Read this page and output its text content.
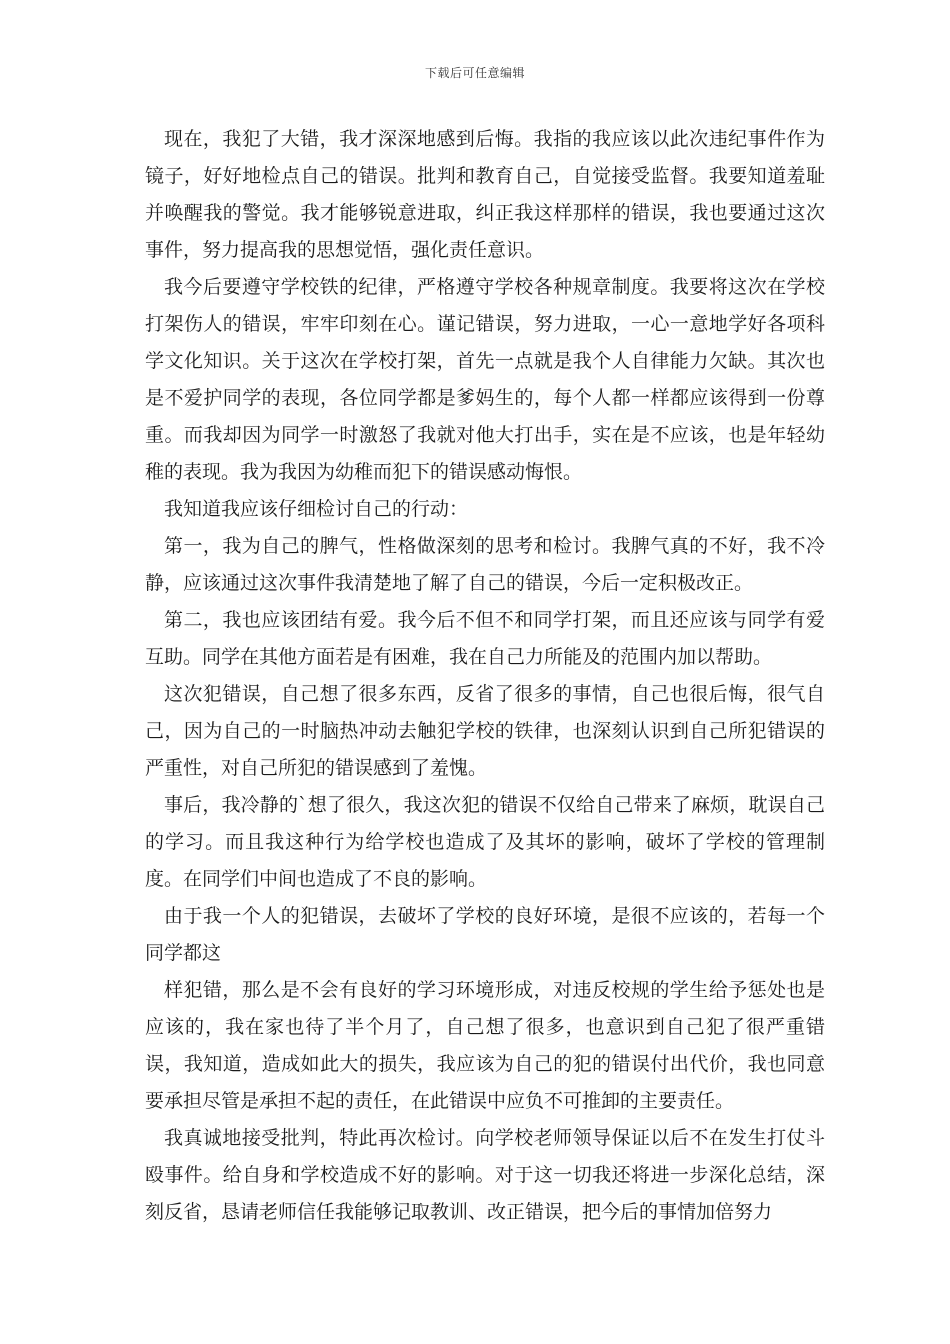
下载后可任意编辑

现在，我犯了大错，我才深深地感到后悔。我指的我应该以此次违纪事件作为镜子，好好地检点自己的错误。批判和教育自己，自觉接受监督。我要知道羞耻并唤醒我的警觉。我才能够锐意进取，纠正我这样那样的错误，我也要通过这次事件，努力提高我的思想觉悟，强化责任意识。

我今后要遵守学校铁的纪律，严格遵守学校各种规章制度。我要将这次在学校打架伤人的错误，牢牢印刻在心。谨记错误，努力进取，一心一意地学好各项科学文化知识。关于这次在学校打架，首先一点就是我个人自律能力欠缺。其次也是不爱护同学的表现，各位同学都是爹妈生的，每个人都一样都应该得到一份尊重。而我却因为同学一时激怒了我就对他大打出手，实在是不应该，也是年轻幼稚的表现。我为我因为幼稚而犯下的错误感动悔恨。

我知道我应该仔细检讨自己的行动：

第一，我为自己的脾气，性格做深刻的思考和检讨。我脾气真的不好，我不冷静，应该通过这次事件我清楚地了解了自己的错误，今后一定积极改正。

第二，我也应该团结有爱。我今后不但不和同学打架，而且还应该与同学有爱互助。同学在其他方面若是有困难，我在自己力所能及的范围内加以帮助。

这次犯错误，自己想了很多东西，反省了很多的事情，自己也很后悔，很气自己，因为自己的一时脑热冲动去触犯学校的铁律，也深刻认识到自己所犯错误的严重性，对自己所犯的错误感到了羞愧。

事后，我冷静的`想了很久，我这次犯的错误不仅给自己带来了麻烦，耽误自己的学习。而且我这种行为给学校也造成了及其坏的影响，破坏了学校的管理制度。在同学们中间也造成了不良的影响。

由于我一个人的犯错误，去破坏了学校的良好环境，是很不应该的，若每一个同学都这

样犯错，那么是不会有良好的学习环境形成，对违反校规的学生给予惩处也是应该的，我在家也待了半个月了，自己想了很多，也意识到自己犯了很严重错误，我知道，造成如此大的损失，我应该为自己的犯的错误付出代价，我也同意要承担尽管是承担不起的责任，在此错误中应负不可推卸的主要责任。

我真诚地接受批判，特此再次检讨。向学校老师领导保证以后不在发生打仗斗殴事件。给自身和学校造成不好的影响。对于这一切我还将进一步深化总结，深刻反省，恳请老师信任我能够记取教训、改正错误，把今后的事情加倍努力
